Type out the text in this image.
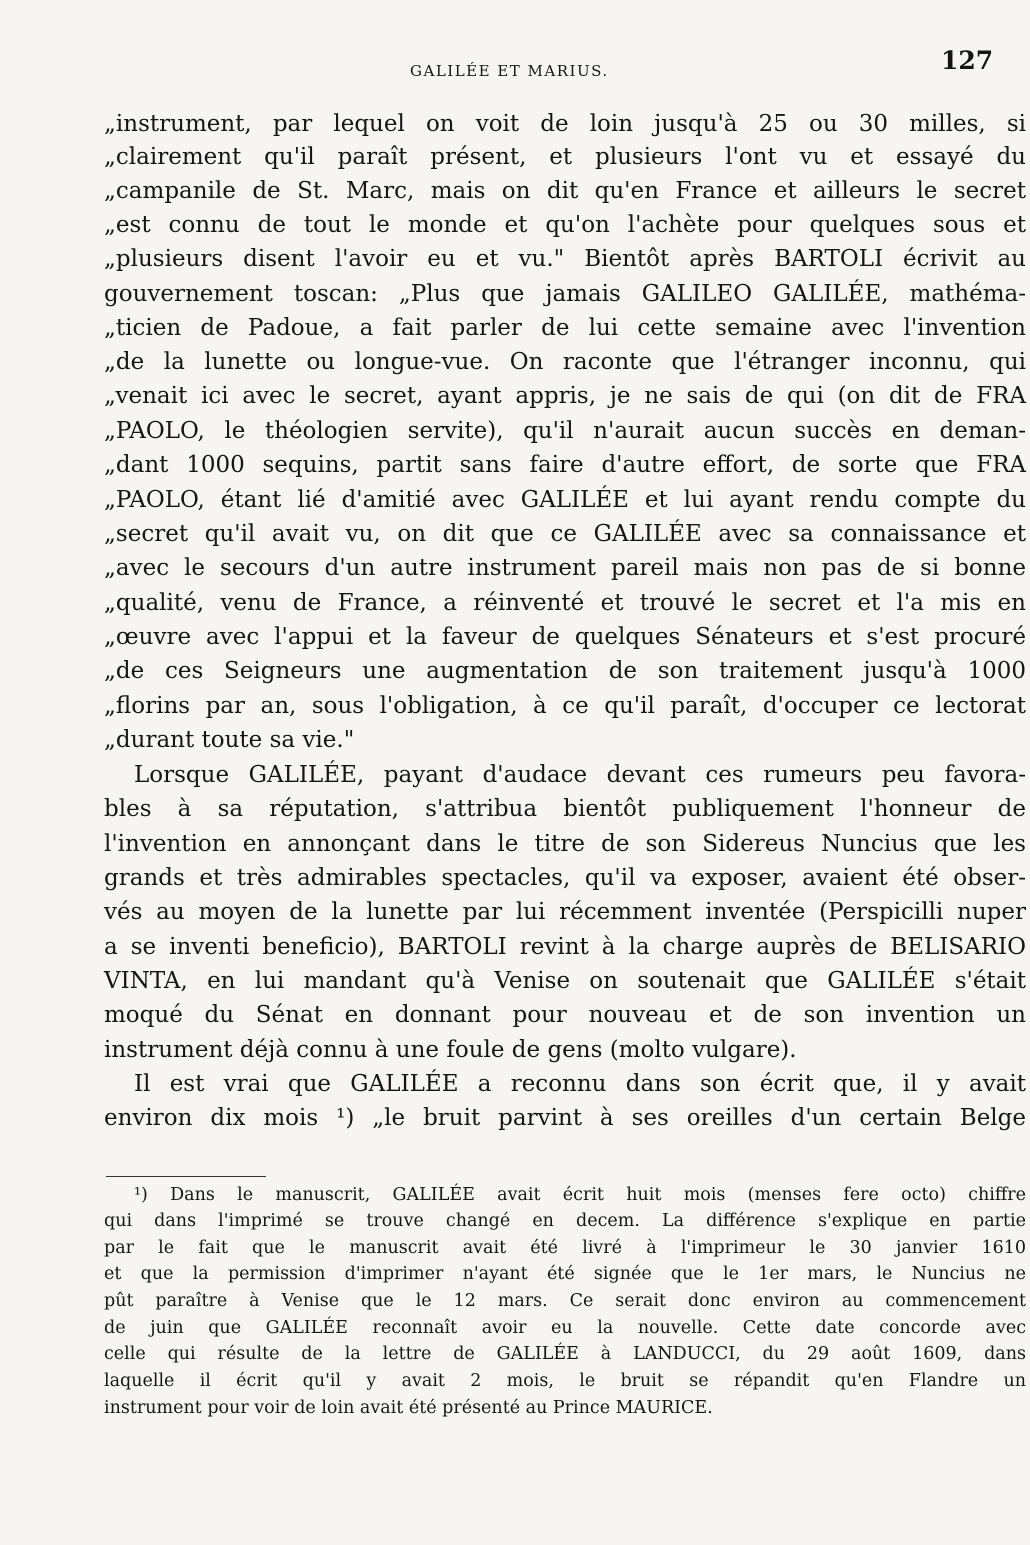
GALILÉE ET MARIUS.	127
„instrument, par lequel on voit de loin jusqu'à 25 ou 30 milles, si
„clairement qu'il paraît présent, et plusieurs l'ont vu et essayé du
„campanile de St. Marc, mais on dit qu'en France et ailleurs le secret
„est connu de tout le monde et qu'on l'achète pour quelques sous et
„plusieurs disent l'avoir eu et vu." Bientôt après BARTOLI écrivit au
gouvernement toscan: „Plus que jamais GALILEO GALILÉE, mathéma-
„ticien de Padoue, a fait parler de lui cette semaine avec l'invention
„de la lunette ou longue-vue. On raconte que l'étranger inconnu, qui
„venait ici avec le secret, ayant appris, je ne sais de qui (on dit de FRA
„PAOLO, le théologien servite), qu'il n'aurait aucun succès en deman-
„dant 1000 sequins, partit sans faire d'autre effort, de sorte que FRA
„PAOLO, étant lié d'amitié avec GALILÉE et lui ayant rendu compte du
„secret qu'il avait vu, on dit que ce GALILÉE avec sa connaissance et
„avec le secours d'un autre instrument pareil mais non pas de si bonne
„qualité, venu de France, a réinventé et trouvé le secret et l'a mis en
„œuvre avec l'appui et la faveur de quelques Sénateurs et s'est procuré
„de ces Seigneurs une augmentation de son traitement jusqu'à 1000
„florins par an, sous l'obligation, à ce qu'il paraît, d'occuper ce lectorat
„durant toute sa vie."
Lorsque GALILÉE, payant d'audace devant ces rumeurs peu favora-
bles à sa réputation, s'attribua bientôt publiquement l'honneur de
l'invention en annonçant dans le titre de son Sidereus Nuncius que les
grands et très admirables spectacles, qu'il va exposer, avaient été obser-
vés au moyen de la lunette par lui récemment inventée (Perspicilli nuper
a se inventi beneficio), BARTOLI revint à la charge auprès de BELISARIO
VINTA, en lui mandant qu'à Venise on soutenait que GALILÉE s'était
moqué du Sénat en donnant pour nouveau et de son invention un
instrument déjà connu à une foule de gens (molto vulgare).
Il est vrai que GALILÉE a reconnu dans son écrit que, il y avait
environ dix mois ¹) „le bruit parvint à ses oreilles d'un certain Belge
¹) Dans le manuscrit, GALILÉE avait écrit huit mois (menses fere octo) chiffre
qui dans l'imprimé se trouve changé en decem. La différence s'explique en partie
par le fait que le manuscrit avait été livré à l'imprimeur le 30 janvier 1610
et que la permission d'imprimer n'ayant été signée que le 1er mars, le Nuncius ne
pût paraître à Venise que le 12 mars. Ce serait donc environ au commencement
de juin que GALILÉE reconnaît avoir eu la nouvelle. Cette date concorde avec
celle qui résulte de la lettre de GALILÉE à LANDUCCI, du 29 août 1609, dans
laquelle il écrit qu'il y avait 2 mois, le bruit se répandit qu'en Flandre un
instrument pour voir de loin avait été présenté au Prince MAURICE.
